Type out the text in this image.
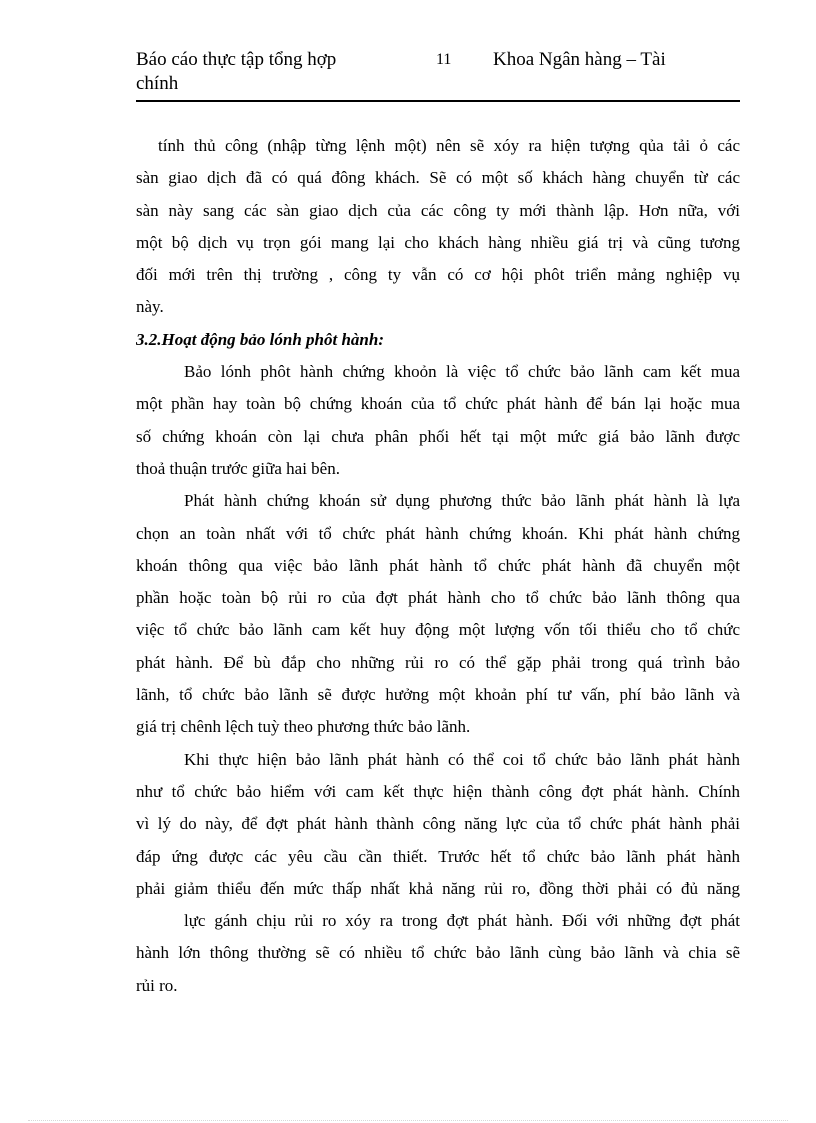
Báo cáo thực tập tổng hợp
chính
11 Khoa Ngân hàng – Tài
tính thủ công (nhập từng lệnh một) nên sẽ xóy ra hiện tượng qủa tải ỏ các
sàn giao dịch đã có quá đông khách. Sẽ có một số khách hàng chuyển từ các
sàn này sang các sàn giao dịch của các công ty mới thành lập. Hơn nữa, với
một bộ dịch vụ trọn gói mang lại cho khách hàng nhiều giá trị và cũng tương
đối mới trên thị trường , công ty vẫn có cơ hội phôt triển mảng nghiệp vụ
này.
3.2.Hoạt động bảo lónh phôt hành:
Bảo lónh phôt hành chứng khoỏn là việc tổ chức bảo lãnh cam kết mua
một phần hay toàn bộ chứng khoán của tổ chức phát hành để bán lại hoặc mua
số chứng khoán còn lại chưa phân phối hết tại một mức giá bảo lãnh được
thoả thuận trước giữa hai bên.
Phát hành chứng khoán sử dụng phương thức bảo lãnh phát hành là lựa
chọn an toàn nhất với tổ chức phát hành chứng khoán. Khi phát hành chứng
khoán thông qua việc bảo lãnh phát hành tổ chức phát hành đã chuyển một
phần hoặc toàn bộ rủi ro của đợt phát hành cho tổ chức bảo lãnh thông qua
việc tổ chức bảo lãnh cam kết huy động một lượng vốn tối thiểu cho tổ chức
phát hành. Để bù đắp cho những rủi ro có thể gặp phải trong quá trình bảo
lãnh, tổ chức bảo lãnh sẽ được hưởng một khoản phí tư vấn, phí bảo lãnh và
giá trị chênh lệch tuỳ theo phương thức bảo lãnh.
Khi thực hiện bảo lãnh phát hành có thể coi tổ chức bảo lãnh phát hành
như tổ chức bảo hiểm với cam kết thực hiện thành công đợt phát hành. Chính
vì lý do này, để đợt phát hành thành công năng lực của tổ chức phát hành phải
đáp ứng được các yêu cầu cần thiết. Trước hết tổ chức bảo lãnh phát hành
phải giảm thiểu đến mức thấp nhất khả năng rủi ro, đồng thời phải có đủ năng
lực gánh chịu rủi ro xóy ra trong đợt phát hành. Đối với những đợt phát
hành lớn thông thường sẽ có nhiều tổ chức bảo lãnh cùng bảo lãnh và chia sẽ
rủi ro.
